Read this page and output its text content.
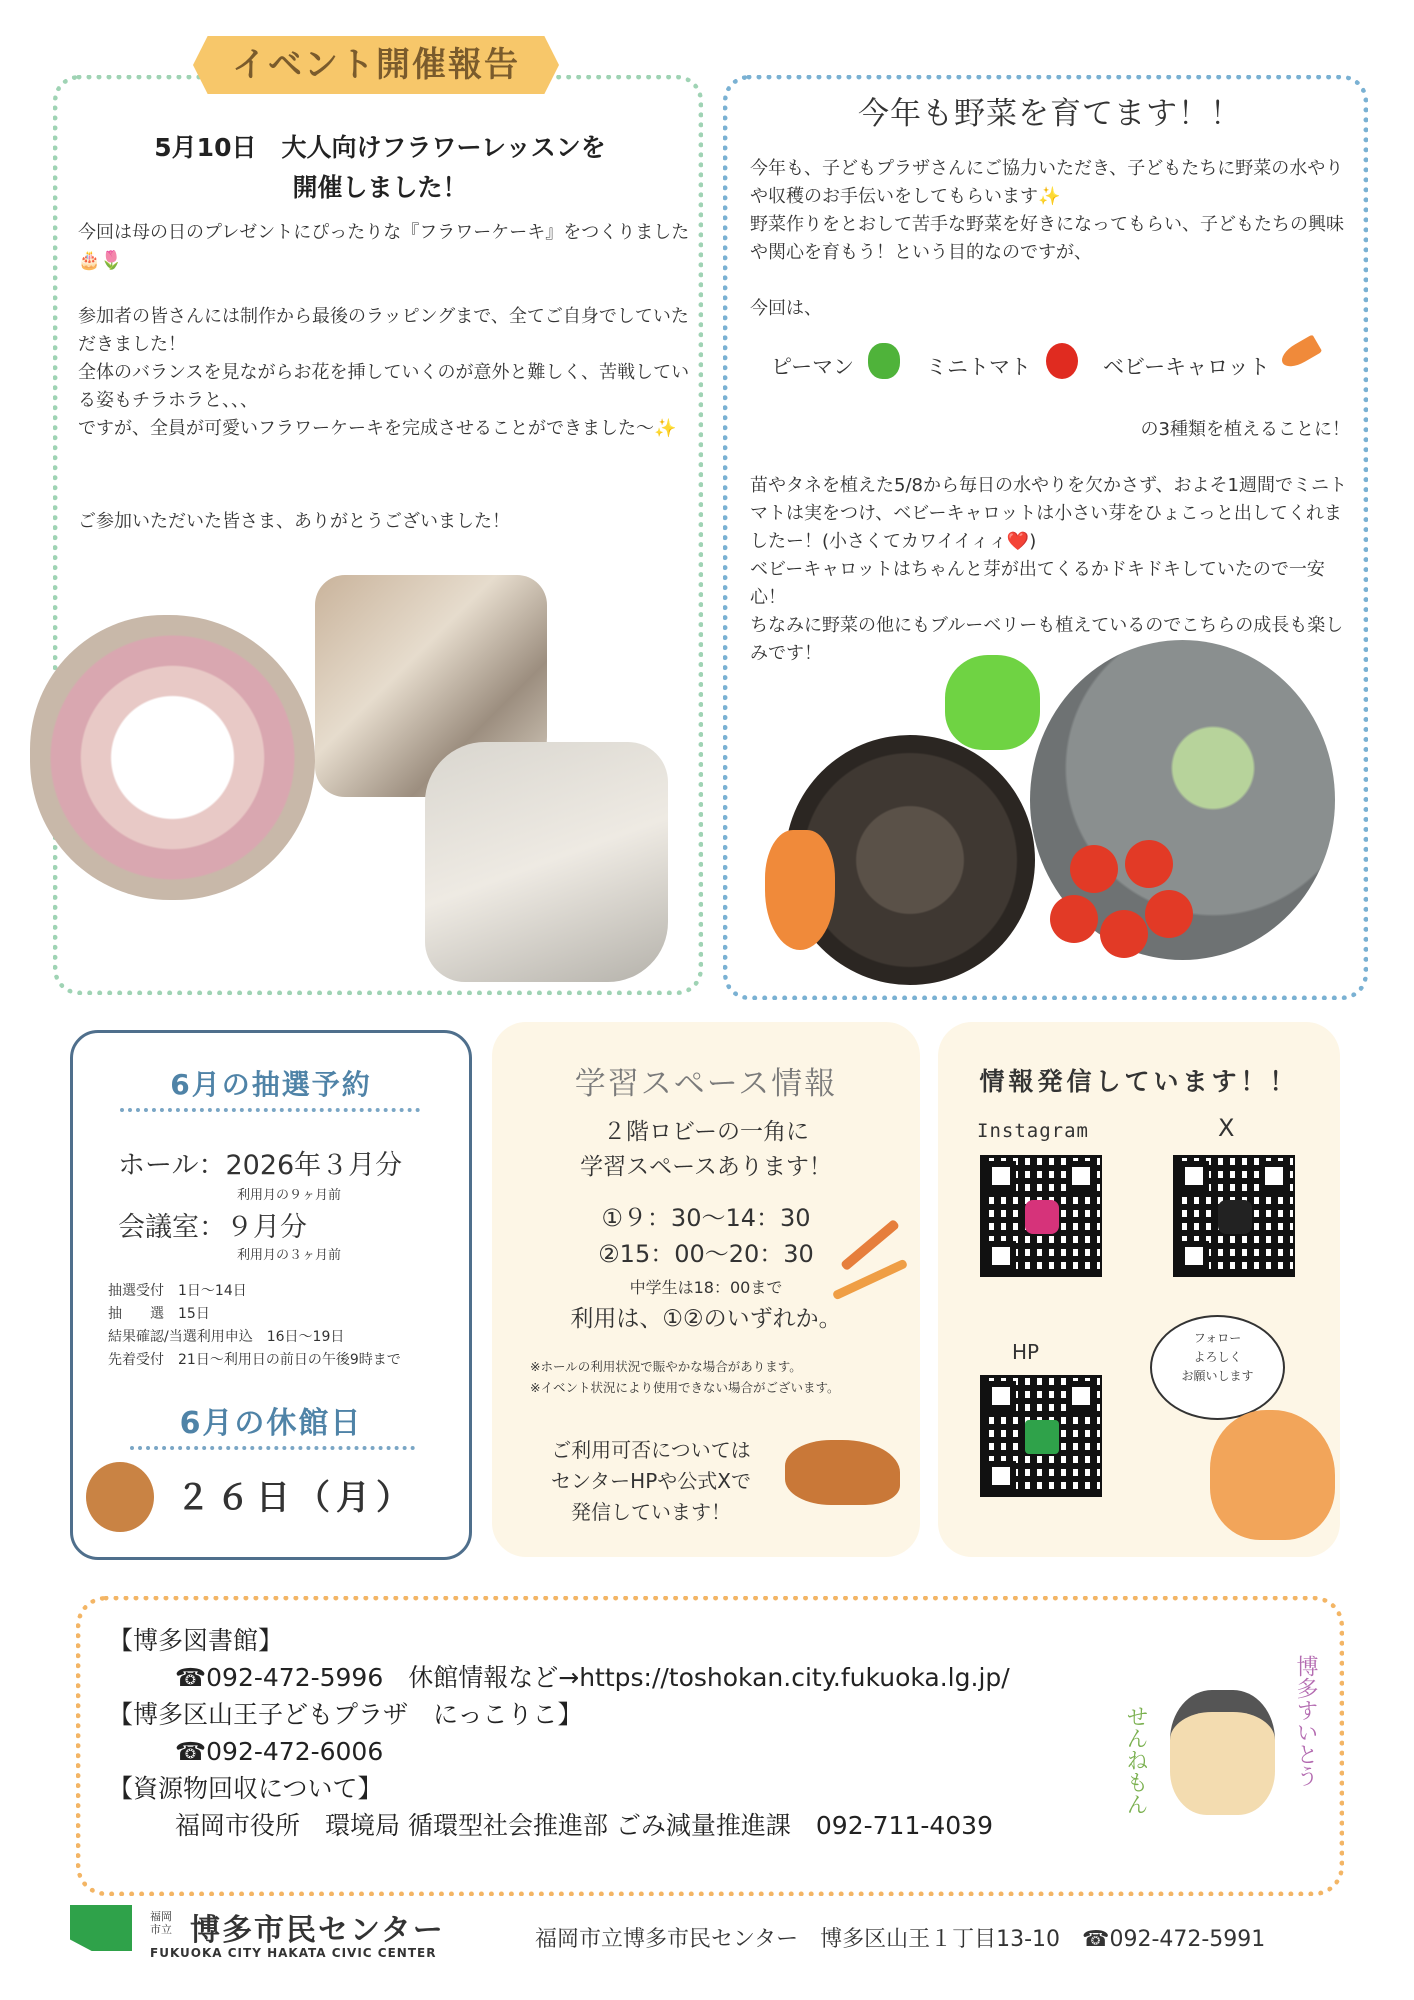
イベント開催報告
5月10日　大人向けフラワーレッスンを
開催しました！
今回は母の日のプレゼントにぴったりな『フラワーケーキ』をつくりました🎂🌷
参加者の皆さんには制作から最後のラッピングまで、全てご自身でしていただきました！
全体のバランスを見ながらお花を挿していくのが意外と難しく、苦戦している姿もチラホラと、、、
ですが、全員が可愛いフラワーケーキを完成させることができました〜✨
ご参加いただいた皆さま、ありがとうございました！
今年も野菜を育てます！！
今年も、子どもプラザさんにご協力いただき、子どもたちに野菜の水やりや収穫のお手伝いをしてもらいます✨
野菜作りをとおして苦手な野菜を好きになってもらい、子どもたちの興味や関心を育もう！という目的なのですが、
今回は、
ピーマン	ミニトマト	ベビーキャロット
の3種類を植えることに！
苗やタネを植えた5/8から毎日の水やりを欠かさず、およそ1週間でミニトマトは実をつけ、ベビーキャロットは小さい芽をひょこっと出してくれましたー！(小さくてカワイイィィ❤️)
ベビーキャロットはちゃんと芽が出てくるかドキドキしていたので一安心！
ちなみに野菜の他にもブルーベリーも植えているのでこちらの成長も楽しみです！
6月の抽選予約
ホール：2026年３月分
利用月の９ヶ月前
会議室：９月分
利用月の３ヶ月前
抽選受付　1日〜14日
抽　　選　15日
結果確認/当選利用申込　16日〜19日
先着受付　21日〜利用日の前日の午後9時まで
6月の休館日
２６日（月）
学習スペース情報
２階ロビーの一角に
学習スペースあります！
①９：30〜14：30
②15：00〜20：30
中学生は18：00まで
利用は、①②のいずれか。
※ホールの利用状況で賑やかな場合があります。
※イベント状況により使用できない場合がございます。
ご利用可否については
センターHPや公式Xで
発信しています！
情報発信しています！！
Instagram	X
HP
フォロー
よろしく
お願いします
【博多図書館】
☎092-472-5996　休館情報など→https://toshokan.city.fukuoka.lg.jp/
【博多区山王子どもプラザ　にっこりこ】
☎092-472-6006
【資源物回収について】
福岡市役所　環境局 循環型社会推進部 ごみ減量推進課　092-711-4039
博多すいとう
せんねもん
福岡
市立 博多市民センター
FUKUOKA CITY HAKATA CIVIC CENTER
福岡市立博多市民センター　博多区山王１丁目13-10　☎092-472-5991
